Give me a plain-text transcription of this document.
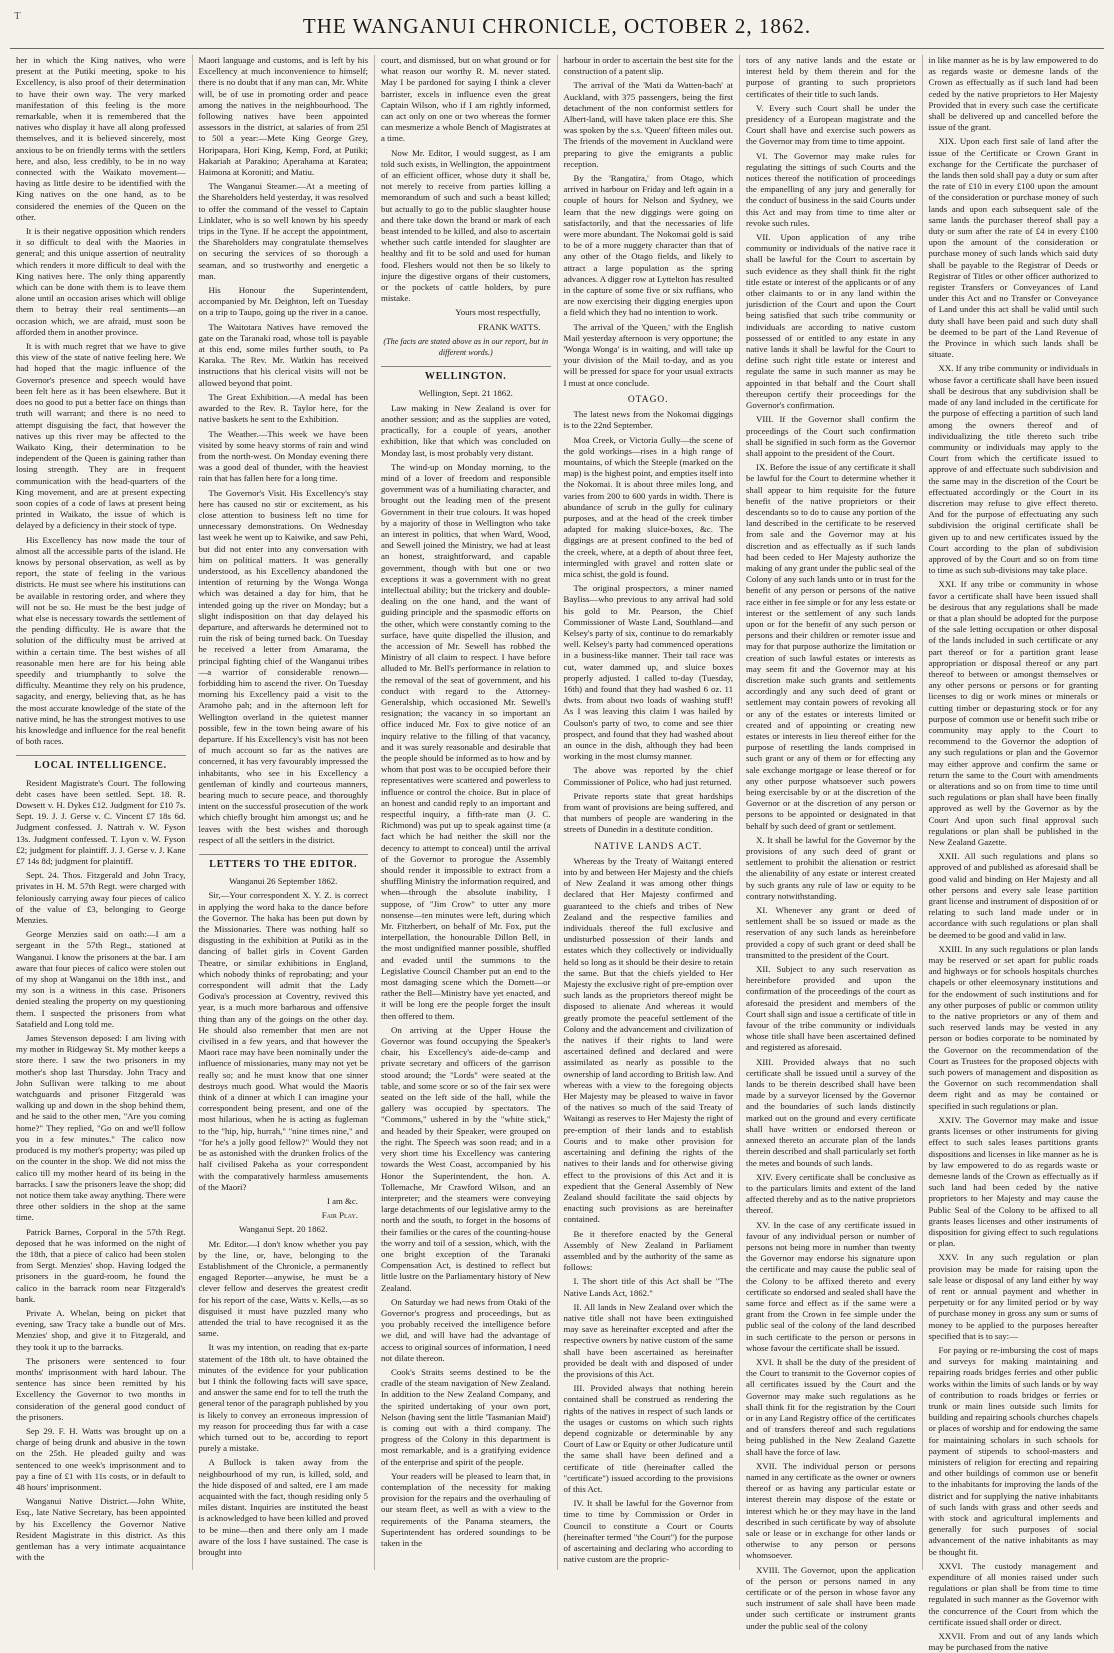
T	THE WANGANUI CHRONICLE, OCTOBER 2, 1862.

her in which the King natives, who were present at the Putiki meeting, spoke to his Excellency, is also proof of their determination to have their own way. The very marked manifestation of this feeling is the more remarkable, when it is remembered that the natives who display it have all along professed themselves, and it is believed sincerely, most anxious to be on friendly terms with the settlers here, and also, less credibly, to be in no way connected with the Waikato movement—having as little desire to be identified with the King natives on the one hand, as to be considered the enemies of the Queen on the other.

It is their negative opposition which renders it so difficult to deal with the Maories in general; and this unique assertion of neutrality which renders it more difficult to deal with the King natives here. The only thing apparently which can be done with them is to leave them alone until an occasion arises which will oblige them to betray their real sentiments—an occasion which, we are afraid, must soon be afforded them in another province.

It is with much regret that we have to give this view of the state of native feeling here. We had hoped that the magic influence of the Governor's presence and speech would have been felt here as it has been elsewhere. But it does no good to put a better face on things than truth will warrant; and there is no need to attempt disguising the fact, that however the natives up this river may be affected to the Waikato King, their determination to be independent of the Queen is gaining rather than losing strength. They are in frequent communication with the head-quarters of the King movement, and are at present expecting soon copies of a code of laws at present being printed in Waikato, the issue of which is delayed by a deficiency in their stock of type.

His Excellency has now made the tour of almost all the accessible parts of the island. He knows by personal observation, as well as by report, the state of feeling in the various districts. He must see where his institutions can be available in restoring order, and where they will not be so. He must be the best judge of what else is necessary towards the settlement of the pending difficulty. He is aware that the solution of the difficulty must be arrived at within a certain time. The best wishes of all reasonable men here are for his being able speedily and triumphantly to solve the difficulty. Meantime they rely on his prudence, sagacity, and energy, believing that, as he has the most accurate knowledge of the state of the native mind, he has the strongest motives to use his knowledge and influence for the real benefit of both races.

LOCAL INTELLIGENCE.

Resident Magistrate's Court. The following debt cases have been settled. Sept. 18. R. Dowsett v. H. Dykes £12. Judgment for £10 7s. Sept. 19. J. J. Gerse v. C. Vincent £7 18s 6d. Judgment confessed. J. Nattrah v. W. Fyson 13s. Judgment confessed. T. Lyon v. W. Fyson £2; judgment for plaintiff. J. J. Gerse v. J. Kane £7 14s 8d; judgment for plaintiff.

Sept. 24. Thos. Fitzgerald and John Tracy, privates in H. M. 57th Regt. were charged with feloniously carrying away four pieces of calico of the value of £3, belonging to George Menzies.

George Menzies said on oath:—I am a sergeant in the 57th Regt., stationed at Wanganui. I know the prisoners at the bar. I am aware that four pieces of calico were stolen out of my shop at Wanganui on the 18th inst., and my son is a witness in this case. Prisoners denied stealing the property on my questioning them. I suspected the prisoners from what Satafield and Long told me.

James Stevenson deposed: I am living with my mother in Ridgeway St. My mother keeps a store there. I saw the two prisoners in my mother's shop last Thursday. John Tracy and John Sullivan were talking to me about watchguards and prisoner Fitzgerald was walking up and down in the shop behind them, and he said to the other men, "Are you coming home?" They replied, "Go on and we'll follow you in a few minutes." The calico now produced is my mother's property; was piled up on the counter in the shop. We did not miss the calico till my mother heard of its being in the barracks. I saw the prisoners leave the shop; did not notice them take away anything. There were three other soldiers in the shop at the same time.

Patrick Barnes, Corporal in the 57th Regt. deposed that he was informed on the night of the 18th, that a piece of calico had been stolen from Sergt. Menzies' shop. Having lodged the prisoners in the guard-room, he found the calico in the barrack room near Fitzgerald's bank.

Private A. Whelan, being on picket that evening, saw Tracy take a bundle out of Mrs. Menzies' shop, and give it to Fitzgerald, and they took it up to the barracks.

The prisoners were sentenced to four months' imprisonment with hard labour. The sentence has since been remitted by his Excellency the Governor to two months in consideration of the general good conduct of the prisoners.

Sep 29. F. H. Watts was brought up on a charge of being drunk and abusive in the town on the 25th. He pleaded guilty and was sentenced to one week's imprisonment and to pay a fine of £1 with 11s costs, or in default to 48 hours' imprisonment.

Wanganui Native District.—John White, Esq., late Native Secretary, has been appointed by his Excellency the Governor Native Resident Magistrate in this district. As this gentleman has a very intimate acquaintance with the

Maori language and customs, and is left by his Excellency at much inconvenience to himself; there is no doubt that if any man can, Mr. White will, be of use in promoting order and peace among the natives in the neighbourhood. The following natives have been appointed assessors in the district, at salaries of from 25l to 50l a year:—Mete King George Grey, Horipapara, Hori King, Kemp, Ford, at Putiki; Hakariah at Parakino; Aperahama at Karatea; Haimona at Koroniti; and Matiu.

The Wanganui Steamer.—At a meeting of the Shareholders held yesterday, it was resolved to offer the command of the vessel to Captain Linklater, who is so well known by his speedy trips in the Tyne. If he accept the appointment, the Shareholders may congratulate themselves on securing the services of so thorough a seaman, and so trustworthy and energetic a man.

His Honour the Superintendent, accompanied by Mr. Deighton, left on Tuesday on a trip to Taupo, going up the river in a canoe.

The Waitotara Natives have removed the gate on the Taranaki road, whose toll is payable at this end, some miles further south, to Pa Karaka. The Rev. Mr. Watkin has received instructions that his clerical visits will not be allowed beyond that point.

The Great Exhibition.—A medal has been awarded to the Rev. R. Taylor here, for the native baskets he sent to the Exhibition.

The Weather.—This week we have been visited by some heavy storms of rain and wind from the north-west. On Monday evening there was a good deal of thunder, with the heaviest rain that has fallen here for a long time.

The Governor's Visit. His Excellency's stay here has caused no stir or excitement, as his close attention to business left no time for unnecessary demonstrations. On Wednesday last week he went up to Kaiwike, and saw Pehi, but did not enter into any conversation with him on political matters. It was generally understood, as his Excellency abandoned the intention of returning by the Wonga Wonga which was detained a day for him, that he intended going up the river on Monday; but a slight indisposition on that day delayed his departure, and afterwards he determined not to ruin the risk of being turned back. On Tuesday he received a letter from Amarama, the principal fighting chief of the Wanganui tribes—a warrior of considerable renown—forbidding him to ascend the river. On Tuesday morning his Excellency paid a visit to the Aramoho pah; and in the afternoon left for Wellington overland in the quietest manner possible, few in the town being aware of his departure. If his Excellency's visit has not been of much account so far as the natives are concerned, it has very favourably impressed the inhabitants, who see in his Excellency a gentleman of kindly and courteous manners, bearing much to secure peace, and thoroughly intent on the successful prosecution of the work which chiefly brought him amongst us; and he leaves with the best wishes and thorough respect of all the settlers in the district.

LETTERS TO THE EDITOR.

Wanganui 26 September 1862.

Sir,—Your correspondent X. Y. Z. is correct in applying the word haka to the dance before the Governor. The haka has been put down by the Missionaries. There was nothing half so disgusting in the exhibition at Putiki as in the dancing of ballet girls in Covent Garden Theatre, or similar exhibitions in England, which nobody thinks of reprobating; and your correspondent will admit that the Lady Godiva's procession at Coventry, revived this year, is a much more barbarous and offensive thing than any of the goings on the other day. He should also remember that men are not civilised in a few years, and that however the Maori race may have been nominally under the influence of missionaries, many may not yet be really so; and he must know that one sinner destroys much good. What would the Maoris think of a dinner at which I can imagine your correspondent being present, and one of the most hilarious, when he is acting as fugleman to the "hip, hip, hurrah," "nine times nine," and "for he's a jolly good fellow?" Would they not be as astonished with the drunken frolics of the half civilised Pakeha as your correspondent with the comparatively harmless amusements of the Maori?

I am &c.

Fair Play.

Wanganui Sept. 20 1862.

Mr. Editor.—I don't know whether you pay by the line, or, have, belonging to the Establishment of the Chronicle, a permanently engaged Reporter—anywise, he must be a clever fellow and deserves the greatest credit for his report of the case, Watts v. Kells,—as so disguised it must have puzzled many who attended the trial to have recognised it as the same.

It was my intention, on reading that ex-parte statement of the 18th ult. to have obtained the minutes of the evidence for your publication but I think the following facts will save space, and answer the same end for to tell the truth the general tenor of the paragraph published by you is likely to convey an erroneous impression of my reason for proceeding thus far with a case which turned out to be, according to report purely a mistake.

A Bullock is taken away from the neighbourhood of my run, is killed, sold, and the hide disposed of and salted, ere I am made acquainted with the fact, though residing only 5 miles distant. Inquiries are instituted the beast is acknowledged to have been killed and proved to be mine—then and there only am I made aware of the loss I have sustained. The case is brought into

court, and dismissed, but on what ground or for what reason our worthy R. M. never stated. May I be pardoned for saying I think a clever barrister, excels in influence even the great Captain Wilson, who if I am rightly informed, can act only on one or two whereas the former can mesmerize a whole Bench of Magistrates at a time.

Now Mr. Editor, I would suggest, as I am told such exists, in Wellington, the appointment of an efficient officer, whose duty it shall be, not merely to receive from parties killing a memorandum of such and such a beast killed; but actually to go to the public slaughter house and there take down the brand or mark of each beast intended to be killed, and also to ascertain whether such cattle intended for slaughter are healthy and fit to be sold and used for human food. Fleshers would not then be so likely to injure the digestive organs of their customers, or the pockets of cattle holders, by pure mistake.

Yours most respectfully,

FRANK WATTS.

(The facts are stated above as in our report, but in different words.)

WELLINGTON.

Wellington, Sept. 21 1862.

Law making in New Zealand is over for another session; and as the supplies are voted, practically, for a couple of years, another exhibition, like that which was concluded on Monday last, is most probably very distant.

The wind-up on Monday morning, to the mind of a lover of freedom and responsible government was of a humiliating character, and brought out the leading men of the present Government in their true colours. It was hoped by a majority of those in Wellington who take an interest in politics, that when Ward, Wood, and Sewell joined the Ministry, we had at least an honest, straightforward, and capable government, though with but one or two exceptions it was a government with no great intellectual ability; but the trickery and double-dealing on the one hand, and the want of guiding principle and the spasmodic efforts on the other, which were constantly coming to the surface, have quite dispelled the illusion, and the accession of Mr. Sewell has robbed the Ministry of all claim to respect. I have before alluded to Mr. Bell's performance in relation to the removal of the seat of government, and his conduct with regard to the Attorney-Generalship, which occasioned Mr. Sewell's resignation; the vacancy in so important an office induced Mr. Fox to give notice of an inquiry relative to the filling of that vacancy, and it was surely reasonable and desirable that the people should be informed as to how and by whom that post was to be occupied before their representatives were scattered and powerless to influence or control the choice. But in place of an honest and candid reply to an important and respectful inquiry, a fifth-rate man (J. C. Richmond) was put up to speak against time (a fact which he had neither the skill nor the decency to attempt to conceal) until the arrival of the Governor to prorogue the Assembly should render it impossible to extract from a shuffling Ministry the information required, and when—through the absolute inability, I suppose, of "Jim Crow" to utter any more nonsense—ten minutes were left, during which Mr. Fitzherbert, on behalf of Mr. Fox, put the interpellation, the honourable Dillon Bell, in the most undignified manner possible, shuffled and evaded until the summons to the Legislative Council Chamber put an end to the most damaging scene which the Domett—or rather the Bell—Ministry have yet enacted, and it will be long ere the people forget the insult then offered to them.

On arriving at the Upper House the Governor was found occupying the Speaker's chair, his Excellency's aide-de-camp and private secretary and officers of the garrison stood around; the "Lords" were seated at the table, and some score or so of the fair sex were seated on the left side of the hall, while the gallery was occupied by spectators. The "Commons," ushered in by the "white stick," and headed by their Speaker, were grouped on the right. The Speech was soon read; and in a very short time his Excellency was cantering towards the West Coast, accompanied by his Honor the Superintendent, the hon. A. Tollemache, Mr Crawford Wilson, and an interpreter; and the steamers were conveying large detachments of our legislative army to the north and the south, to forget in the bosoms of their families or the cares of the counting-house the worry and toil of a session, which, with the one bright exception of the Taranaki Compensation Act, is destined to reflect but little lustre on the Parliamentary history of New Zealand.

On Saturday we had news from Otaki of the Governor's progress and proceedings, but as you probably received the intelligence before we did, and will have had the advantage of access to original sources of information, I need not dilate thereon.

Cook's Straits seems destined to be the cradle of the steam navigation of New Zealand. In addition to the New Zealand Company, and the spirited undertaking of your own port, Nelson (having sent the little 'Tasmanian Maid') is coming out with a third company. The progress of the Colony in this department is most remarkable, and is a gratifying evidence of the enterprise and spirit of the people.

Your readers will be pleased to learn that, in contemplation of the necessity for making provision for the repairs and the overhauling of our steam fleet, as well as with a view to the requirements of the Panama steamers, the Superintendent has ordered soundings to be taken in the

harbour in order to ascertain the best site for the construction of a patent slip.

The arrival of the 'Mati da Watten-bach' at Auckland, with 375 passengers, being the first detachment of the non conformist settlers for Albert-land, will have taken place ere this. She was spoken by the s.s. 'Queen' fifteen miles out. The friends of the movement in Auckland were preparing to give the emigrants a public reception.

By the 'Rangatira,' from Otago, which arrived in harbour on Friday and left again in a couple of hours for Nelson and Sydney, we learn that the new diggings were going on satisfactorily, and that the necessaries of life were more abundant. The Nokomai gold is said to be of a more nuggety character than that of any other of the Otago fields, and likely to attract a large population as the spring advances. A digger row at Lyttelton has resulted in the capture of some five or six ruffians, who are now exercising their digging energies upon a field which they had no intention to work.

The arrival of the 'Queen,' with the English Mail yesterday afternoon is very opportune; the 'Wonga Wonga' is in waiting, and will take up your division of the Mail to-day, and as you will be pressed for space for your usual extracts I must at once conclude.

OTAGO.

The latest news from the Nokomai diggings is to the 22nd September.

Moa Creek, or Victoria Gully—the scene of the gold workings—rises in a high range of mountains, of which the Steeple (marked on the map) is the highest point, and empties itself into the Nokomai. It is about three miles long, and varies from 200 to 600 yards in width. There is abundance of scrub in the gully for culinary purposes, and at the head of the creek timber adapted for making sluice-boxes, &c. The diggings are at present confined to the bed of the creek, where, at a depth of about three feet, intermingled with gravel and rotten slate or mica schist, the gold is found.

The original prospectors, a miner named Bayliss—who previous to any arrival had sold his gold to Mr. Pearson, the Chief Commissioner of Waste Land, Southland—and Kelsey's party of six, continue to do remarkably well. Kelsey's party had commenced operations in a business-like manner. Their tail race was cut, water dammed up, and sluice boxes properly adjusted. I called to-day (Tuesday, 16th) and found that they had washed 6 oz. 11 dwts. from about two loads of washing stuff! As I was leaving this claim I was hailed by Coulson's party of two, to come and see thier prospect, and found that they had washed about an ounce in the dish, although they had been working in the most clumsy manner.

The above was reported by the chief Commissioner of Police, who had just returned.

Private reports state that great hardships from want of provisions are being suffered, and that numbers of people are wandering in the streets of Dunedin in a destitute condition.

NATIVE LANDS ACT.

Whereas by the Treaty of Waitangi entered into by and between Her Majesty and the chiefs of New Zealand it was among other things declared that Her Majesty confirmed and guaranteed to the chiefs and tribes of New Zealand and the respective families and individuals thereof the full exclusive and undisturbed possession of their lands and estates which they collectively or individually held so long as it should be their desire to retain the same. But that the chiefs yielded to Her Majesty the exclusive right of pre-emption over such lands as the proprietors thereof might be disposed to alienate And whereas it would greatly promote the peaceful settlement of the Colony and the advancement and civilization of the natives if their rights to land were ascertained defined and declared and were assimilated as nearly as possible to the ownership of land according to British law. And whereas with a view to the foregoing objects Her Majesty may be pleased to waive in favor of the natives so much of the said Treaty of Waitangi as reserves to Her Majesty the right of pre-emption of their lands and to establish Courts and to make other provision for ascertaining and defining the rights of the natives to their lands and for otherwise giving effect to the provisions of this Act and it is expedient that the General Assembly of New Zealand should facilitate the said objects by enacting such provisions as are hereinafter contained.

Be it therefore enacted by the General Assembly of New Zealand in Parliament assembled and by the authority of the same as follows:

I. The short title of this Act shall be "The Native Lands Act, 1862."

II. All lands in New Zealand over which the native title shall not have been extinguished may save as hereinafter excepted and after the respective owners by native custom of the same shall have been ascertained as hereinafter provided be dealt with and disposed of under the provisions of this Act.

III. Provided always that nothing herein contained shall be construed as rendering the rights of the natives in respect of such lands or the usages or customs on which such rights depend cognizable or determinable by any Court of Law or Equity or other Judicature until the same shall have been defined and a certificate of title (hereinafter called the "certificate") issued according to the provisions of this Act.

IV. It shall be lawful for the Governor from time to time by Commission or Order in Council to constitute a Court or Courts (hereinafter termed "the Court") for the purpose of ascertaining and declaring who according to native custom are the propric-

tors of any native lands and the estate or interest held by them therein and for the purpose of granting to such proprietors certificates of their title to such lands.

V. Every such Court shall be under the presidency of a European magistrate and the Court shall have and exercise such powers as the Governor may from time to time appoint.

VI. The Governor may make rules for regulating the sittings of such Courts and the notices thereof the notification of proceedings the empanelling of any jury and generally for the conduct of business in the said Courts under this Act and may from time to time alter or revoke such rules.

VII. Upon application of any tribe community or individuals of the native race it shall be lawful for the Court to ascertain by such evidence as they shall think fit the right title estate or interest of the applicants or of any other claimants to or in any land within the jurisdiction of the Court and upon the Court being satisfied that such tribe community or individuals are according to native custom possessed of or entitled to any estate in any native lands it shall be lawful for the Court to define such right title estate or interest and regulate the same in such manner as may be appointed in that behalf and the Court shall thereupon certify their proceedings for the Governor's confirmation.

VIII. If the Governor shall confirm the proceedings of the Court such confirmation shall be signified in such form as the Governor shall appoint to the president of the Court.

IX. Before the issue of any certificate it shall be lawful for the Court to determine whether it shall appear to him requisite for the future benefit of the native proprietors or their descendants so to do to cause any portion of the land described in the certificate to be reserved from sale and the Governor may at his discretion and as effectually as if such lands had been ceded to Her Majesty authorize the making of any grant under the public seal of the Colony of any such lands unto or in trust for the benefit of any person or persons of the native race either in fee simple or for any less estate or interest or the settlement of any such lands upon or for the benefit of any such person or persons and their children or remoter issue and may for that purpose authorize the limitation or creation of such lawful estates or interests as may seem fit and the Governor may at his discretion make such grants and settlements accordingly and any such deed of grant or settlement may contain powers of revoking all or any of the estates or interests limited or created and of appointing or creating new estates or interests in lieu thereof either for the purpose of resettling the lands comprised in such grant or any of them or for effecting any sale exchange mortgage or lease thereof or for any other purpose whatsoever such powers being exercisable by or at the discretion of the Governor or at the discretion of any person or persons to be appointed or designated in that behalf by such deed of grant or settlement.

X. It shall be lawful for the Governor by the provisions of any such deed of grant or settlement to prohibit the alienation or restrict the alienability of any estate or interest created by such grants any rule of law or equity to be contrary notwithstanding.

XI. Whenever any grant or deed of settlement shall be so issued or made as the reservation of any such lands as hereinbefore provided a copy of such grant or deed shall be transmitted to the president of the Court.

XII. Subject to any such reservation as hereinbefore provided and upon the confirmation of the proceedings of the court as aforesaid the president and members of the Court shall sign and issue a certificate of title in favour of the tribe community or individuals whose title shall have been ascertained defined and registered as aforesaid.

XIII. Provided always that no such certificate shall be issued until a survey of the lands to be therein described shall have been made by a surveyor licensed by the Governor and the boundaries of such lands distinctly marked out on the ground and every certificate shall have written or endorsed thereon or annexed thereto an accurate plan of the lands therein described and shall particularly set forth the metes and bounds of such lands.

XIV. Every certificate shall be conclusive as to the particulars limits and extent of the land affected thereby and as to the native proprietors thereof.

XV. In the case of any certificate issued in favour of any individual person or number of persons not being more in number than twenty the Governor may endorse his signature upon the certificate and may cause the public seal of the Colony to be affixed thereto and every certificate so endorsed and sealed shall have the same force and effect as if the same were a grant from the Crown in fee simple under the public seal of the colony of the land described in such certificate to the person or persons in whose favour the certificate shall be issued.

XVI. It shall be the duty of the president of the Court to transmit to the Governor copies of all certificates issued by the Court and the Governor may make such regulations as he shall think fit for the registration by the Court or in any Land Registry office of the certificates and of transfers thereof and such regulations being published in the New Zealand Gazette shall have the force of law.

XVII. The individual person or persons named in any certificate as the owner or owners thereof or as having any particular estate or interest therein may dispose of the estate or interest which he or they may have in the land described in such certificate by way of absolute sale or lease or in exchange for other lands or otherwise to any person or persons whomsoever.

XVIII. The Governor, upon the application of the person or persons named in any certificate or of the person in whose favor any such instrument of sale shall have been made under such certificate or instrument grants under the public seal of the colony

in like manner as he is by law empowered to do as regards waste or demesne lands of the Crown as effectually as if such land had been ceded by the native proprietors to Her Majesty Provided that in every such case the certificate shall be delivered up and cancelled before the issue of the grant.

XIX. Upon each first sale of land after the issue of the Certificate or Crown Grant in exchange for the Certificate the purchaser of the lands then sold shall pay a duty or sum after the rate of £10 in every £100 upon the amount of the consideration or purchase money of such lands and upon each subsequent sale of the same lands the purchaser thereof shall pay a duty or sum after the rate of £4 in every £100 upon the amount of the consideration or purchase money of such lands which said duty shall be payable to the Registrar of Deeds or Registrar of Titles or other officer authorized to register Transfers or Conveyances of Land under this Act and no Transfer or Conveyance of Land under this act shall be valid until such duty shall have been paid and such duty shall be deemed to be part of the Land Revenue of the Province in which such lands shall be situate.

XX. If any tribe community or individuals in whose favor a certificate shall have been issued shall be desirous that any subdivision shall be made of any land included in the certificate for the purpose of effecting a partition of such land among the owners thereof and of individualizing the title thereto such tribe community or individuals may apply to the Court from which the certificate issued to approve of and effectuate such subdivision and the same may in the discretion of the Court be effectuated accordingly or the Court in its discretion may refuse to give effect thereto. And for the purpose of effectuating any such subdivision the original certificate shall be given up to and new certificates issued by the Court according to the plan of subdivision approved of by the Court and so on from time to time as such sub-divisions may take place.

XXI. If any tribe or community in whose favor a certificate shall have been issued shall be desirous that any regulations shall be made or that a plan should be adopted for the purpose of the sale letting occupation or other disposal of the lands included in such certificate or any part thereof or for a partition grant lease appropriation or disposal thereof or any part thereof to between or amongst themselves or any other persons or persons or for granting licenses to dig or work mines or minerals or cutting timber or depasturing stock or for any purpose of common use or benefit such tribe or community may apply to the Court to recommend to the Governor the adoption of any such regulations or plan and the Governor may either approve and confirm the same or return the same to the Court with amendments or alterations and so on from time to time until such regulations or plan shall have been finally approved as well by the Governor as by the Court And upon such final approval such regulations or plan shall be published in the New Zealand Gazette.

XXII. All such regulations and plans so approved of and published as aforesaid shall be good valid and binding on Her Majesty and all other persons and every sale lease partition grant license and instrument of disposition of or relating to such land made under or in accordance with such regulations or plan shall be deemed to be good and valid in law.

XXIII. In any such regulations or plan lands may be reserved or set apart for public roads and highways or for schools hospitals churches chapels or other eleemosynary institutions and for the endowment of such institutions and for any other purposes of public or common utility to the native proprietors or any of them and such reserved lands may be vested in any person or bodies corporate to be nominated by the Governor on the recommendation of the Court as Trustees for the proposed objects with such powers of management and disposition as the Governor on such recommendation shall deem right and as may be contained or specified in such regulations or plan.

XXIV. The Governor may make and issue grants licenses or other instruments for giving effect to such sales leases partitions grants dispositions and licenses in like manner as he is by law empowered to do as regards waste or demesne lands of the Crown as effectually as if such land had been ceded by the native proprietors to her Majesty and may cause the Public Seal of the Colony to be affixed to all grants leases licenses and other instruments of disposition for giving effect to such regulations or plan.

XXV. In any such regulation or plan provision may be made for raising upon the sale lease or disposal of any land either by way of rent or annual payment and whether in perpetuity or for any limited period or by way of purchase money in gross any sum or sums of money to be applied to the purposes hereafter specified that is to say:—

For paying or re-imbursing the cost of maps and surveys for making maintaining and repairing roads bridges ferries and other public works within the limits of such lands or by way of contribution to roads bridges or ferries or trunk or main lines outside such limits for building and repairing schools churches chapels or places of worship and for endowing the same for maintaining scholars in such schools for payment of stipends to school-masters and ministers of religion for erecting and repairing and other buildings of common use or benefit to the inhabitants for improving the lands of the district and for supplying the native inhabitants of such lands with grass and other seeds and with stock and agricultural implements and generally for such purposes of social advancement of the native inhabitants as may be thought fit.

XXVI. The custody management and expenditure of all monies raised under such regulations or plan shall be from time to time regulated in such manner as the Governor with the concurrence of the Court from which the certificate issued shall order or direct.

XXVII. From and out of any lands which may be purchased from the native
